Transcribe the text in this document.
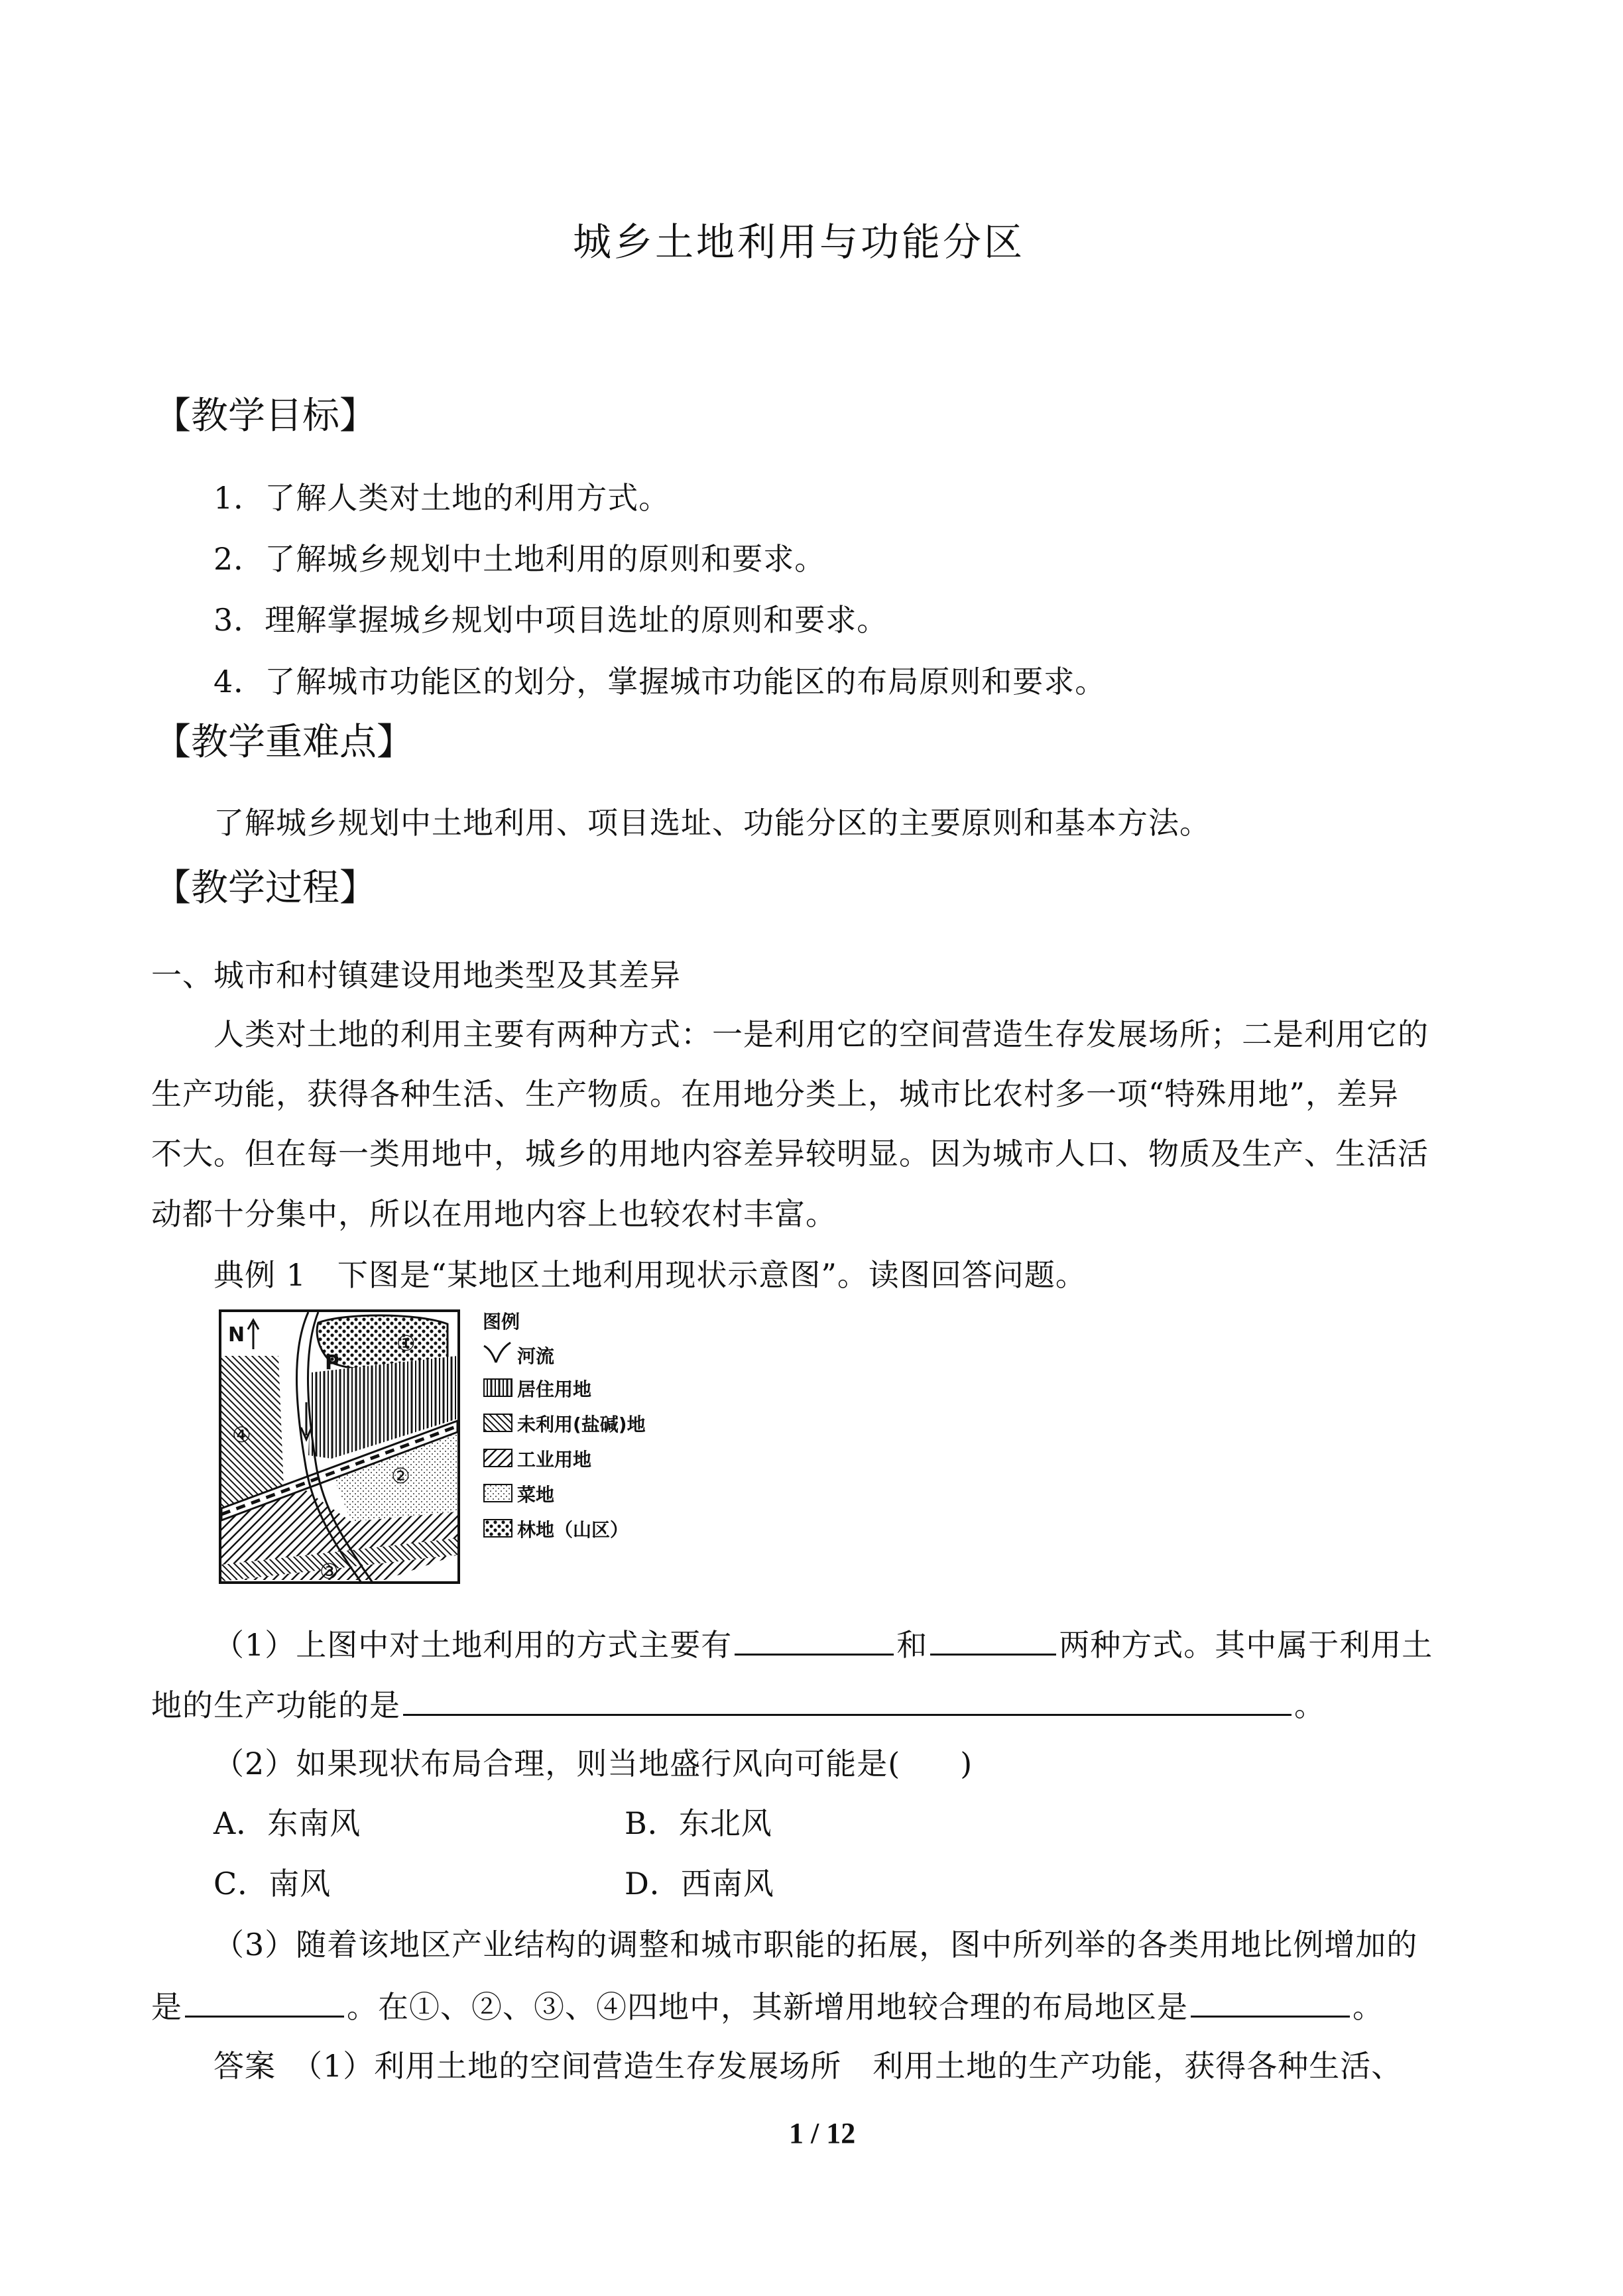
城乡土地利用与功能分区
【教学目标】
1．了解人类对土地的利用方式。
2．了解城乡规划中土地利用的原则和要求。
3．理解掌握城乡规划中项目选址的原则和要求。
4．了解城市功能区的划分，掌握城市功能区的布局原则和要求。
【教学重难点】
了解城乡规划中土地利用、项目选址、功能分区的主要原则和基本方法。
【教学过程】
一、城市和村镇建设用地类型及其差异
人类对土地的利用主要有两种方式：一是利用它的空间营造生存发展场所；二是利用它的
生产功能，获得各种生活、生产物质。在用地分类上，城市比农村多一项“特殊用地”，差异
不大。但在每一类用地中，城乡的用地内容差异较明显。因为城市人口、物质及生产、生活活
动都十分集中，所以在用地内容上也较农村丰富。
典例 1　下图是“某地区土地利用现状示意图”。读图回答问题。
N
P
①
②
③
④
图例
河流
居住用地
未利用(盐碱)地
工业用地
菜地
林地（山区）
（1）上图中对土地利用的方式主要有	和	两种方式。其中属于利用土
地的生产功能的是	。
（2）如果现状布局合理，则当地盛行风向可能是( )
A．东南风	B．东北风
C．南风	D．西南风
（3）随着该地区产业结构的调整和城市职能的拓展，图中所列举的各类用地比例增加的
是	。在①、②、③、④四地中，其新增用地较合理的布局地区是	。
答案　（1）利用土地的空间营造生存发展场所　利用土地的生产功能，获得各种生活、
1 / 12
